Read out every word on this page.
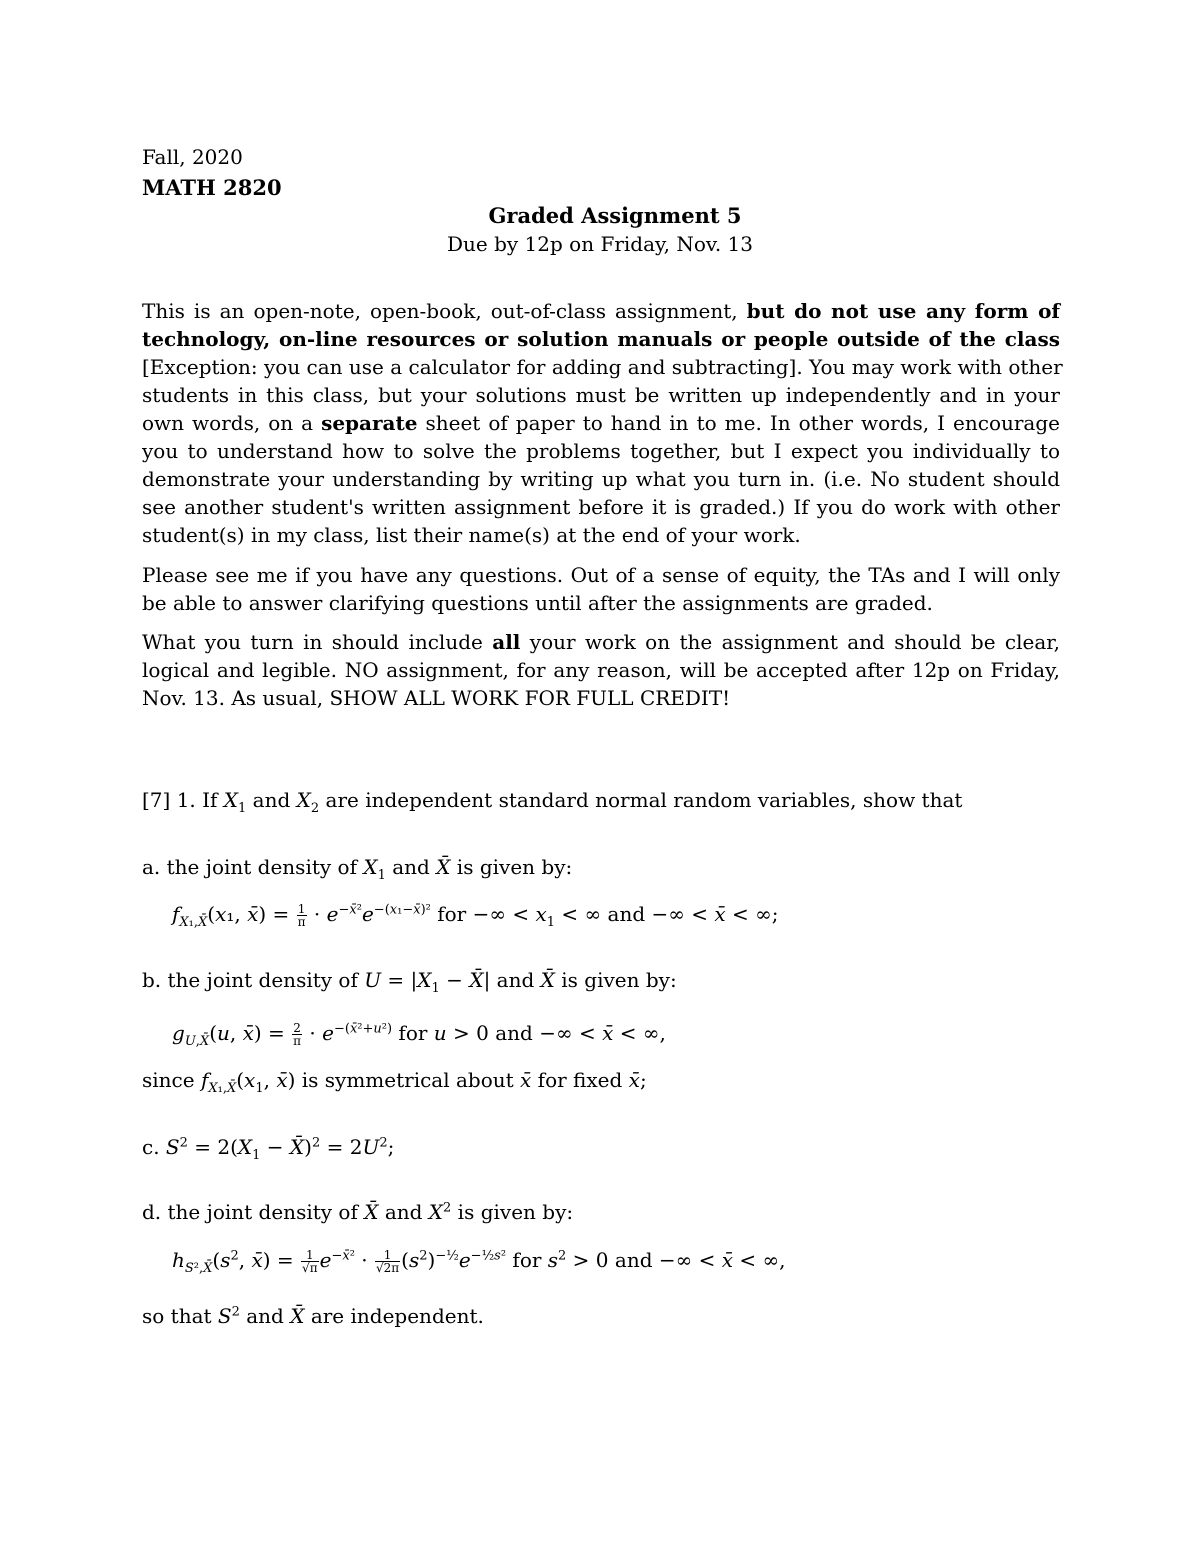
Fall, 2020
MATH 2820
Graded Assignment 5
Due by 12p on Friday, Nov. 13
This is an open-note, open-book, out-of-class assignment, but do not use any form of
technology, on-line resources or solution manuals or people outside of the class
[Exception: you can use a calculator for adding and subtracting]. You may work with other
students in this class, but your solutions must be written up independently and in your
own words, on a separate sheet of paper to hand in to me. In other words, I encourage
you to understand how to solve the problems together, but I expect you individually to
demonstrate your understanding by writing up what you turn in. (i.e. No student should
see another student's written assignment before it is graded.) If you do work with other
student(s) in my class, list their name(s) at the end of your work.
Please see me if you have any questions. Out of a sense of equity, the TAs and I will only
be able to answer clarifying questions until after the assignments are graded.
What you turn in should include all your work on the assignment and should be clear,
logical and legible. NO assignment, for any reason, will be accepted after 12p on Friday,
Nov. 13. As usual, SHOW ALL WORK FOR FULL CREDIT!
[7] 1. If $X_1$ and $X_2$ are independent standard normal random variables, show that
a. the joint density of $X_1$ and X̄ is given by:
$f_{X_1,X̄}(x_1$, x̄) = $\frac{1}{\pi} \cdot e^{-x̄^2}e^{-(x_1-x̄)^2}$ for −∞ < $x_1$ < ∞ and −∞ < x̄ < ∞;
b. the joint density of $U = |X_1$ − X̄| and X̄ is given by:
$g_{U,X̄}(u$, x̄) = $\frac{2}{\pi} \cdot e^{-(x̄^2+u^2)}$ for u > 0 and −∞ < x̄ < ∞,
since $f_{X_1,X̄}(x_1$, x̄) is symmetrical about x̄ for fixed x̄;
c. $S^2 = 2(X_1$ − X̄)$^2$ = $2U^2$;
d. the joint density of X̄ and $X^2$ is given by:
$h_{S^2,X̄}(s^2$, x̄) = $\frac{1}{√\pi} e^{-x̄^2} \cdot \frac{1}{√2\pi} (s^2)^{-\frac{1}{2}}e^{-\frac{1}{2}s^2}$ for $s^2 > 0$ and −∞ < x̄ < ∞,
so that $S^2$ and X̄ are independent.
